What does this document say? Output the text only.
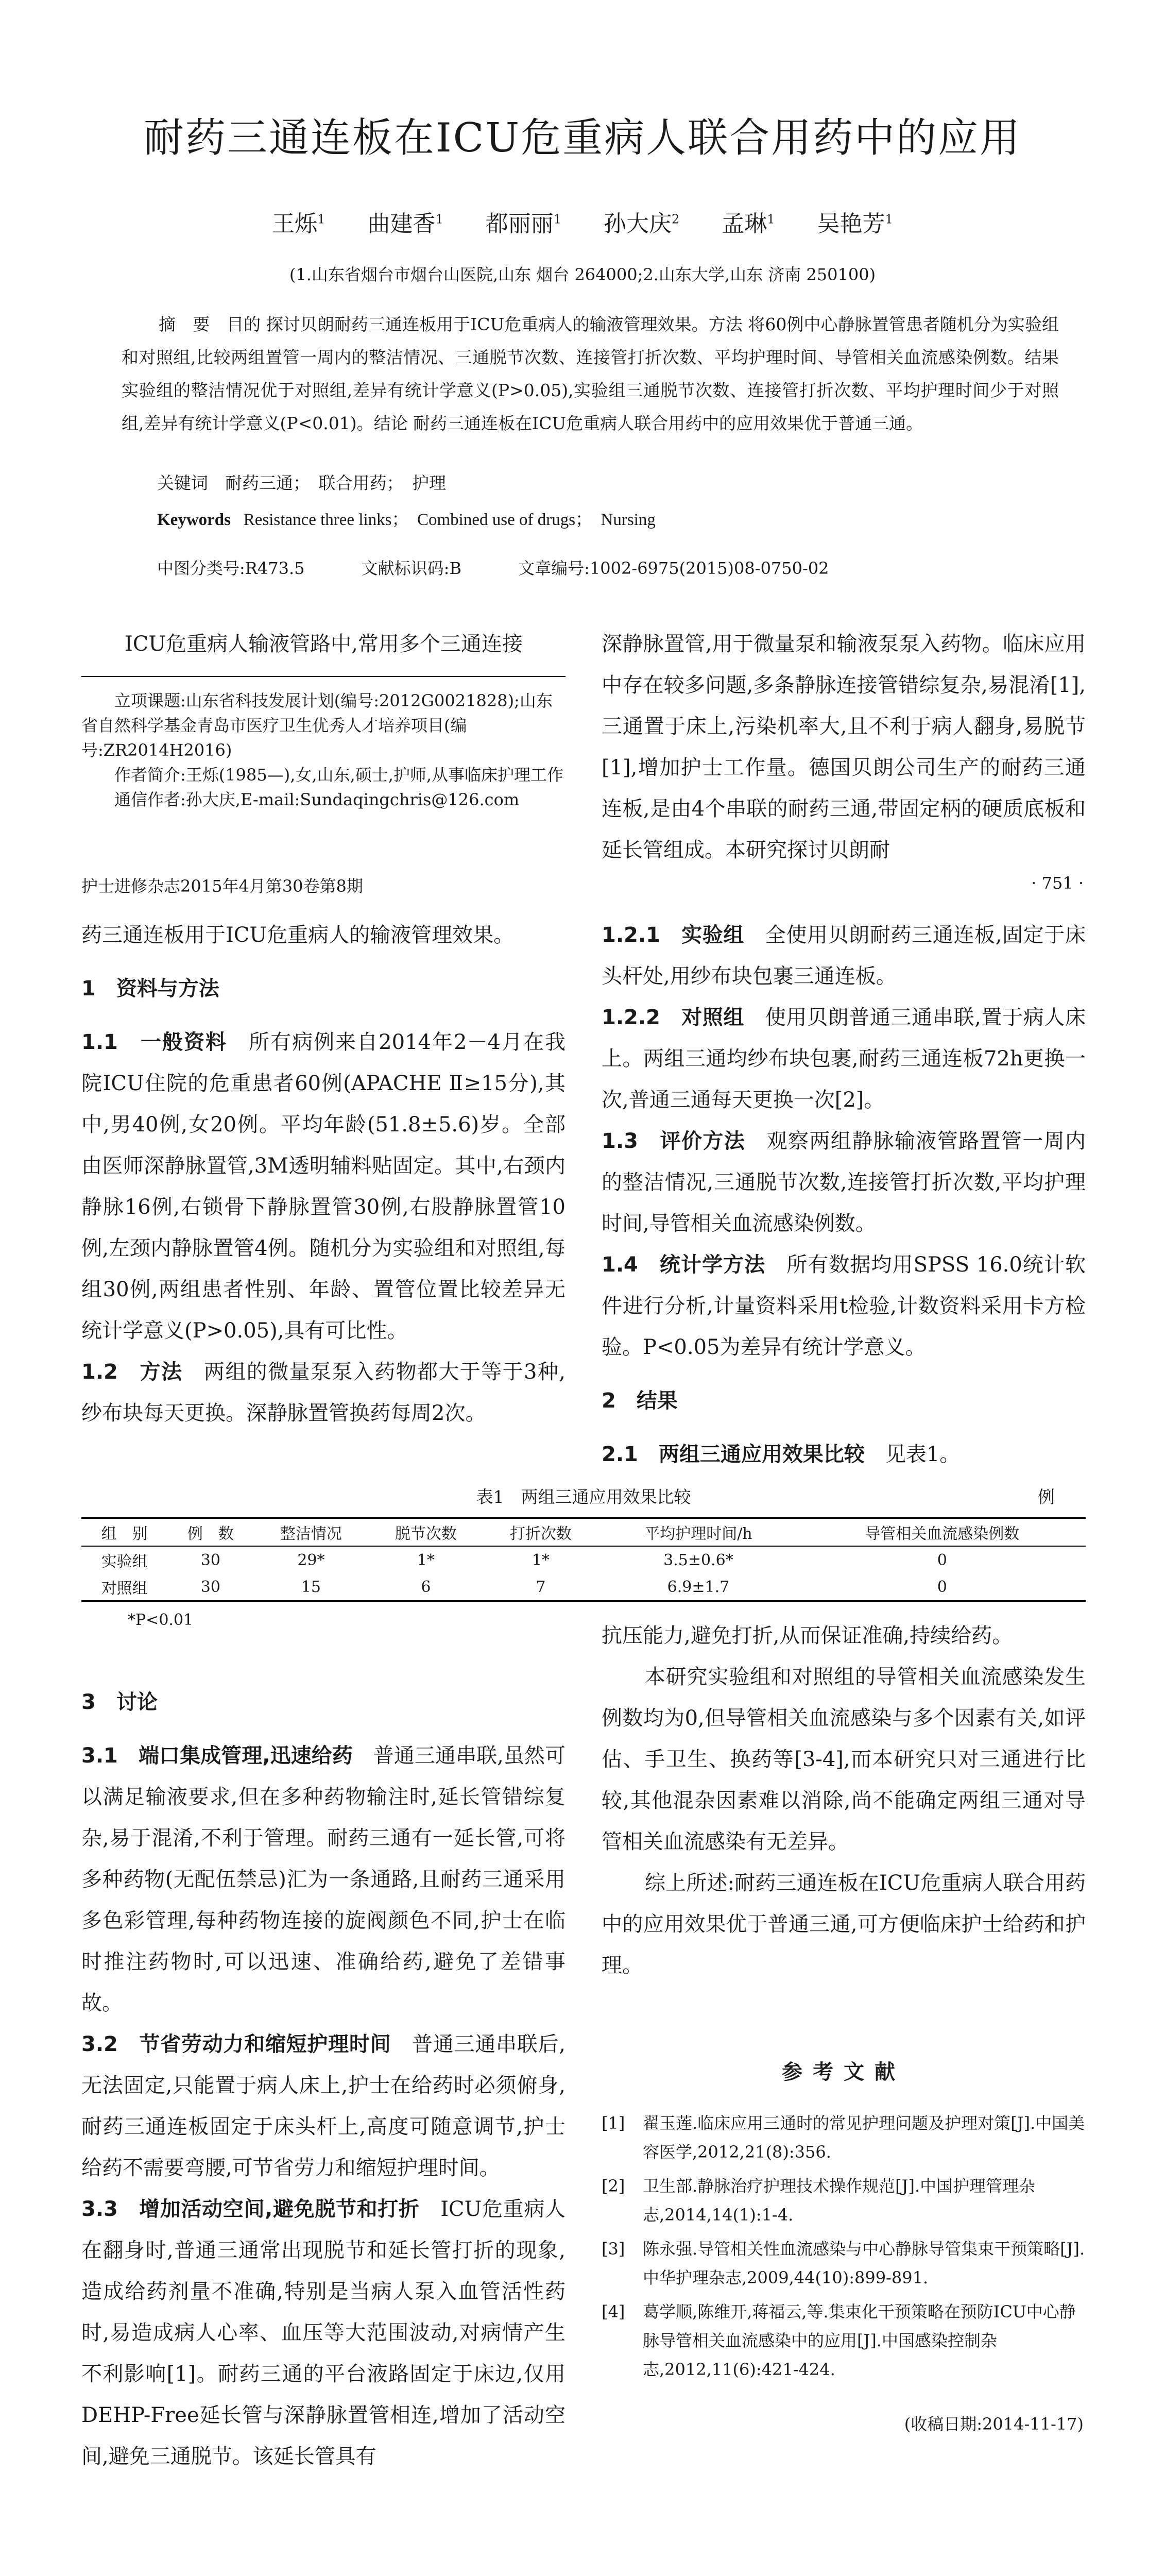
耐药三通连板在ICU危重病人联合用药中的应用
王烁$^1$ 曲建香$^1$ 都丽丽$^1$ 孙大庆$^2$ 孟琳$^1$ 吴艳芳$^1$
(1.山东省烟台市烟台山医院,山东 烟台 264000;2.山东大学,山东 济南 250100)
摘　要　目的 探讨贝朗耐药三通连板用于ICU危重病人的输液管理效果。方法 将60例中心静脉置管患者随机分为实验组和对照组,比较两组置管一周内的整洁情况、三通脱节次数、连接管打折次数、平均护理时间、导管相关血流感染例数。结果 实验组的整洁情况优于对照组,差异有统计学意义(P>0.05),实验组三通脱节次数、连接管打折次数、平均护理时间少于对照组,差异有统计学意义(P<0.01)。结论 耐药三通连板在ICU危重病人联合用药中的应用效果优于普通三通。
关键词　耐药三通；　联合用药；　护理
Keywords Resistance three links；　Combined use of drugs；　Nursing
中图分类号:R473.5	文献标识码:B	文章编号:1002-6975(2015)08-0750-02

ICU危重病人输液管路中,常用多个三通连接

立项课题:山东省科技发展计划(编号:2012G0021828);山东省自然科学基金青岛市医疗卫生优秀人才培养项目(编号:ZR2014H2016)

作者简介:王烁(1985—),女,山东,硕士,护师,从事临床护理工作

通信作者:孙大庆,E-mail:Sundaqingchris@126.com

深静脉置管,用于微量泵和输液泵泵入药物。临床应用中存在较多问题,多条静脉连接管错综复杂,易混淆[1],三通置于床上,污染机率大,且不利于病人翻身,易脱节[1],增加护士工作量。德国贝朗公司生产的耐药三通连板,是由4个串联的耐药三通,带固定柄的硬质底板和延长管组成。本研究探讨贝朗耐

护士进修杂志2015年4月第30卷第8期	· 751 ·

药三通连板用于ICU危重病人的输液管理效果。

1　资料与方法

1.1　一般资料　所有病例来自2014年2－4月在我院ICU住院的危重患者60例(APACHE Ⅱ≥15分),其中,男40例,女20例。平均年龄(51.8±5.6)岁。全部由医师深静脉置管,3M透明辅料贴固定。其中,右颈内静脉16例,右锁骨下静脉置管30例,右股静脉置管10例,左颈内静脉置管4例。随机分为实验组和对照组,每组30例,两组患者性别、年龄、置管位置比较差异无统计学意义(P>0.05),具有可比性。

1.2　方法　两组的微量泵泵入药物都大于等于3种,纱布块每天更换。深静脉置管换药每周2次。

1.2.1　实验组　全使用贝朗耐药三通连板,固定于床头杆处,用纱布块包裹三通连板。

1.2.2　对照组　使用贝朗普通三通串联,置于病人床上。两组三通均纱布块包裹,耐药三通连板72h更换一次,普通三通每天更换一次[2]。

1.3　评价方法　观察两组静脉输液管路置管一周内的整洁情况,三通脱节次数,连接管打折次数,平均护理时间,导管相关血流感染例数。

1.4　统计学方法　所有数据均用SPSS 16.0统计软件进行分析,计量资料采用t检验,计数资料采用卡方检验。P<0.05为差异有统计学意义。

2　结果

2.1　两组三通应用效果比较　见表1。

表1　两组三通应用效果比较	例
组　别	例　数	整洁情况	脱节次数	打折次数	平均护理时间/h	导管相关血流感染例数
实验组	30	29*	1*	1*	3.5±0.6*	0
对照组	30	15	6	7	6.9±1.7	0
*P<0.01
3　讨论

3.1　端口集成管理,迅速给药　普通三通串联,虽然可以满足输液要求,但在多种药物输注时,延长管错综复杂,易于混淆,不利于管理。耐药三通有一延长管,可将多种药物(无配伍禁忌)汇为一条通路,且耐药三通采用多色彩管理,每种药物连接的旋阀颜色不同,护士在临时推注药物时,可以迅速、准确给药,避免了差错事故。

3.2　节省劳动力和缩短护理时间　普通三通串联后,无法固定,只能置于病人床上,护士在给药时必须俯身,耐药三通连板固定于床头杆上,高度可随意调节,护士给药不需要弯腰,可节省劳力和缩短护理时间。

3.3　增加活动空间,避免脱节和打折　ICU危重病人在翻身时,普通三通常出现脱节和延长管打折的现象,造成给药剂量不准确,特别是当病人泵入血管活性药时,易造成病人心率、血压等大范围波动,对病情产生不利影响[1]。耐药三通的平台液路固定于床边,仅用DEHP-Free延长管与深静脉置管相连,增加了活动空间,避免三通脱节。该延长管具有

抗压能力,避免打折,从而保证准确,持续给药。

本研究实验组和对照组的导管相关血流感染发生例数均为0,但导管相关血流感染与多个因素有关,如评估、手卫生、换药等[3-4],而本研究只对三通进行比较,其他混杂因素难以消除,尚不能确定两组三通对导管相关血流感染有无差异。

综上所述:耐药三通连板在ICU危重病人联合用药中的应用效果优于普通三通,可方便临床护士给药和护理。

参考文献
[1]	翟玉莲.临床应用三通时的常见护理问题及护理对策[J].中国美容医学,2012,21(8):356.
[2]	卫生部.静脉治疗护理技术操作规范[J].中国护理管理杂志,2014,14(1):1-4.
[3]	陈永强.导管相关性血流感染与中心静脉导管集束干预策略[J].中华护理杂志,2009,44(10):899-891.
[4]	葛学顺,陈维开,蒋福云,等.集束化干预策略在预防ICU中心静脉导管相关血流感染中的应用[J].中国感染控制杂志,2012,11(6):421-424.
(收稿日期:2014-11-17)
